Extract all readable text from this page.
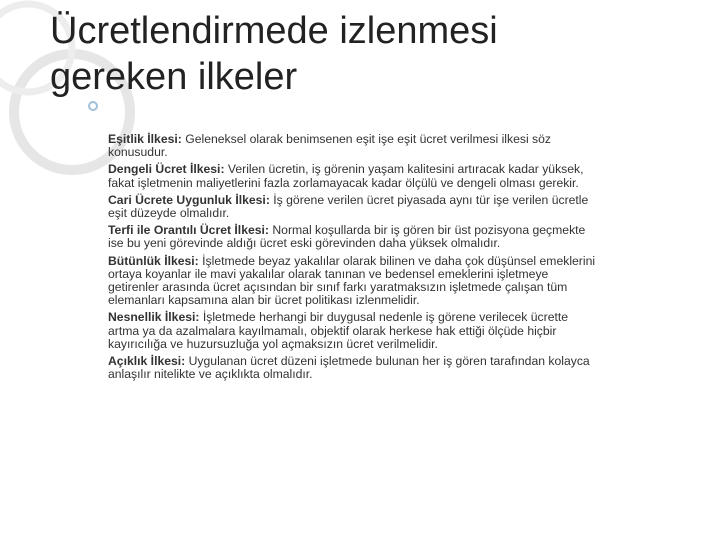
Ücretlendirmede izlenmesi
gereken ilkeler

Eşitlik İlkesi: Geleneksel olarak benimsenen eşit işe eşit ücret verilmesi ilkesi söz konusudur.

Dengeli Ücret İlkesi: Verilen ücretin, iş görenin yaşam kalitesini artıracak kadar yüksek, fakat işletmenin maliyetlerini fazla zorlamayacak kadar ölçülü ve dengeli olması gerekir.

Cari Ücrete Uygunluk İlkesi: İş görene verilen ücret piyasada aynı tür işe verilen ücretle eşit düzeyde olmalıdır.

Terfi ile Orantılı Ücret İlkesi: Normal koşullarda bir iş gören bir üst pozisyona geçmekte ise bu yeni görevinde aldığı ücret eski görevinden daha yüksek olmalıdır.

Bütünlük İlkesi: İşletmede beyaz yakalılar olarak bilinen ve daha çok düşünsel emeklerini ortaya koyanlar ile mavi yakalılar olarak tanınan ve bedensel emeklerini işletmeye getirenler arasında ücret açısından bir sınıf farkı yaratmaksızın işletmede çalışan tüm elemanları kapsamına alan bir ücret politikası izlenmelidir.

Nesnellik İlkesi: İşletmede herhangi bir duygusal nedenle iş görene verilecek ücrette artma ya da azalmalara kayılmamalı, objektif olarak herkese hak ettiği ölçüde hiçbir kayırıcılığa ve huzursuzluğa yol açmaksızın ücret verilmelidir.

Açıklık İlkesi: Uygulanan ücret düzeni işletmede bulunan her iş gören tarafından kolayca anlaşılır nitelikte ve açıklıkta olmalıdır.
